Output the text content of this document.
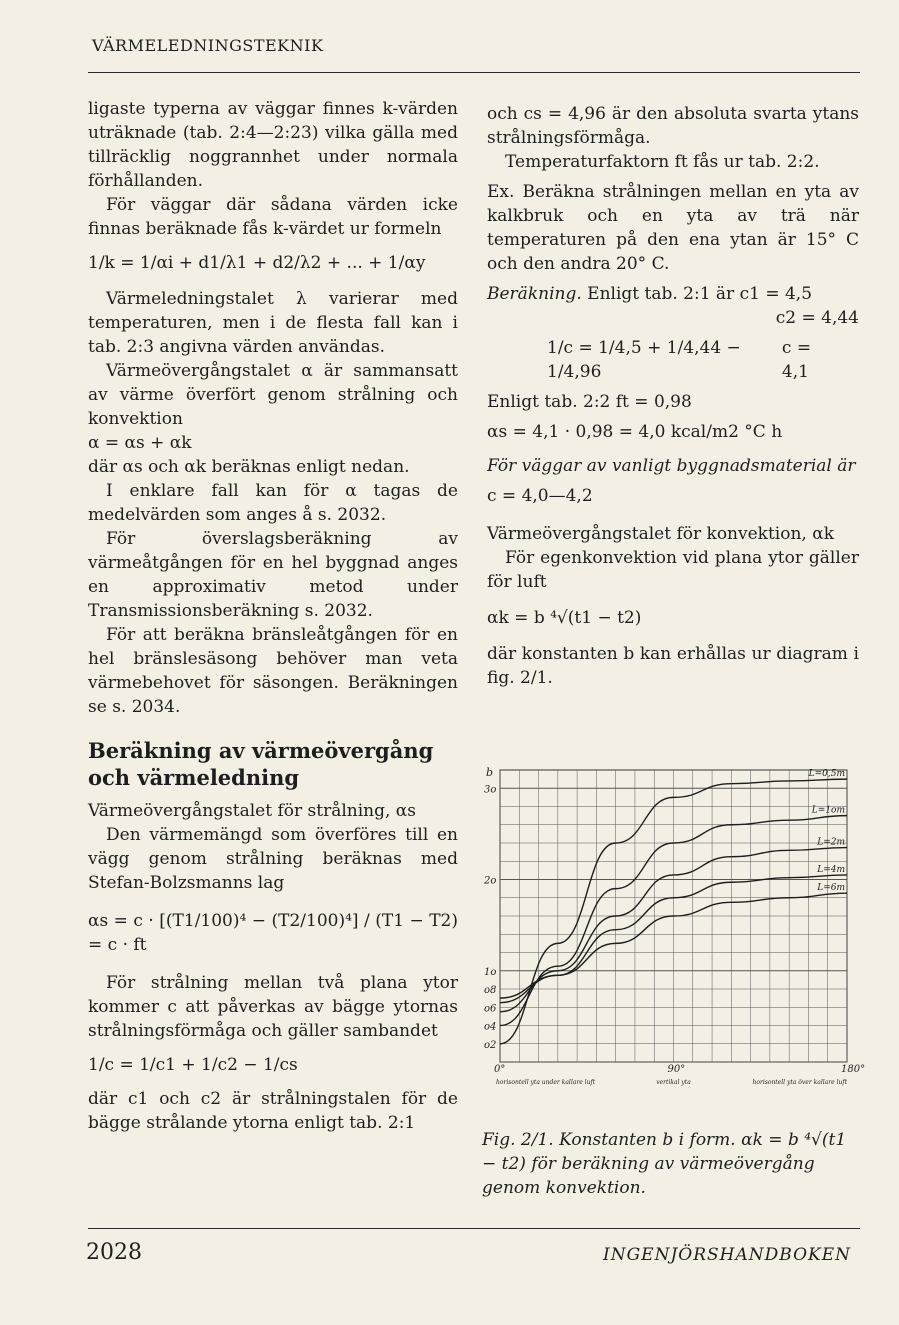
VÄRMELEDNINGSTEKNIK

ligaste typerna av väggar finnes k-värden uträknade (tab. 2:4—2:23) vilka gälla med tillräcklig noggrannhet under normala förhållanden.

För väggar där sådana värden icke finnas beräknade fås k-värdet ur formeln

1/k = 1/αi + d1/λ1 + d2/λ2 + ... + 1/αy

Värmeledningstalet λ varierar med temperaturen, men i de flesta fall kan i tab. 2:3 angivna värden användas.

Värmeövergångstalet α är sammansatt av värme överfört genom strålning och konvektion

α = αs + αk

där αs och αk beräknas enligt nedan.

I enklare fall kan för α tagas de medelvärden som anges å s. 2032.

För överslagsberäkning av värmeåtgången för en hel byggnad anges en approximativ metod under Transmissionsberäkning s. 2032.

För att beräkna bränsleåtgången för en hel bränslesäsong behöver man veta värmebehovet för säsongen. Beräkningen se s. 2034.

Beräkning av värmeövergång och värmeledning

Värmeövergångstalet för strålning, αs

Den värmemängd som överföres till en vägg genom strålning beräknas med Stefan-Bolzsmanns lag

αs = c · [(T1/100)⁴ − (T2/100)⁴] / (T1 − T2) = c · ft

För strålning mellan två plana ytor kommer c att påverkas av bägge ytornas strålningsförmåga och gäller sambandet

1/c = 1/c1 + 1/c2 − 1/cs

där c1 och c2 är strålningstalen för de bägge strålande ytorna enligt tab. 2:1

och cs = 4,96 är den absoluta svarta ytans strålningsförmåga.

Temperaturfaktorn ft fås ur tab. 2:2.

Ex. Beräkna strålningen mellan en yta av kalkbruk och en yta av trä när temperaturen på den ena ytan är 15° C och den andra 20° C.

Beräkning. Enligt tab. 2:1 är c1 = 4,5

c2 = 4,44

1/c = 1/4,5 + 1/4,44 − 1/4,96
c = 4,1

Enligt tab. 2:2 ft = 0,98

αs = 4,1 · 0,98 = 4,0 kcal/m2 °C h

För väggar av vanligt byggnadsmaterial är

c = 4,0—4,2

Värmeövergångstalet för konvektion, αk

För egenkonvektion vid plana ytor gäller för luft

αk = b ⁴√(t1 − t2)

där konstanten b kan erhållas ur diagram i fig. 2/1.

3o
2o
1o
o8
o6
o4
o2
b
0°	90°	180°
horisontell yta under kallare luft	vertikal yta	horisontell yta över kallare luft
L=0,5m
L=1om
L=2m
L=4m
L=6m
Fig. 2/1. Konstanten b i form. αk = b ⁴√(t1 − t2) för beräkning av värmeövergång genom konvektion.
2028	INGENJÖRSHANDBOKEN
